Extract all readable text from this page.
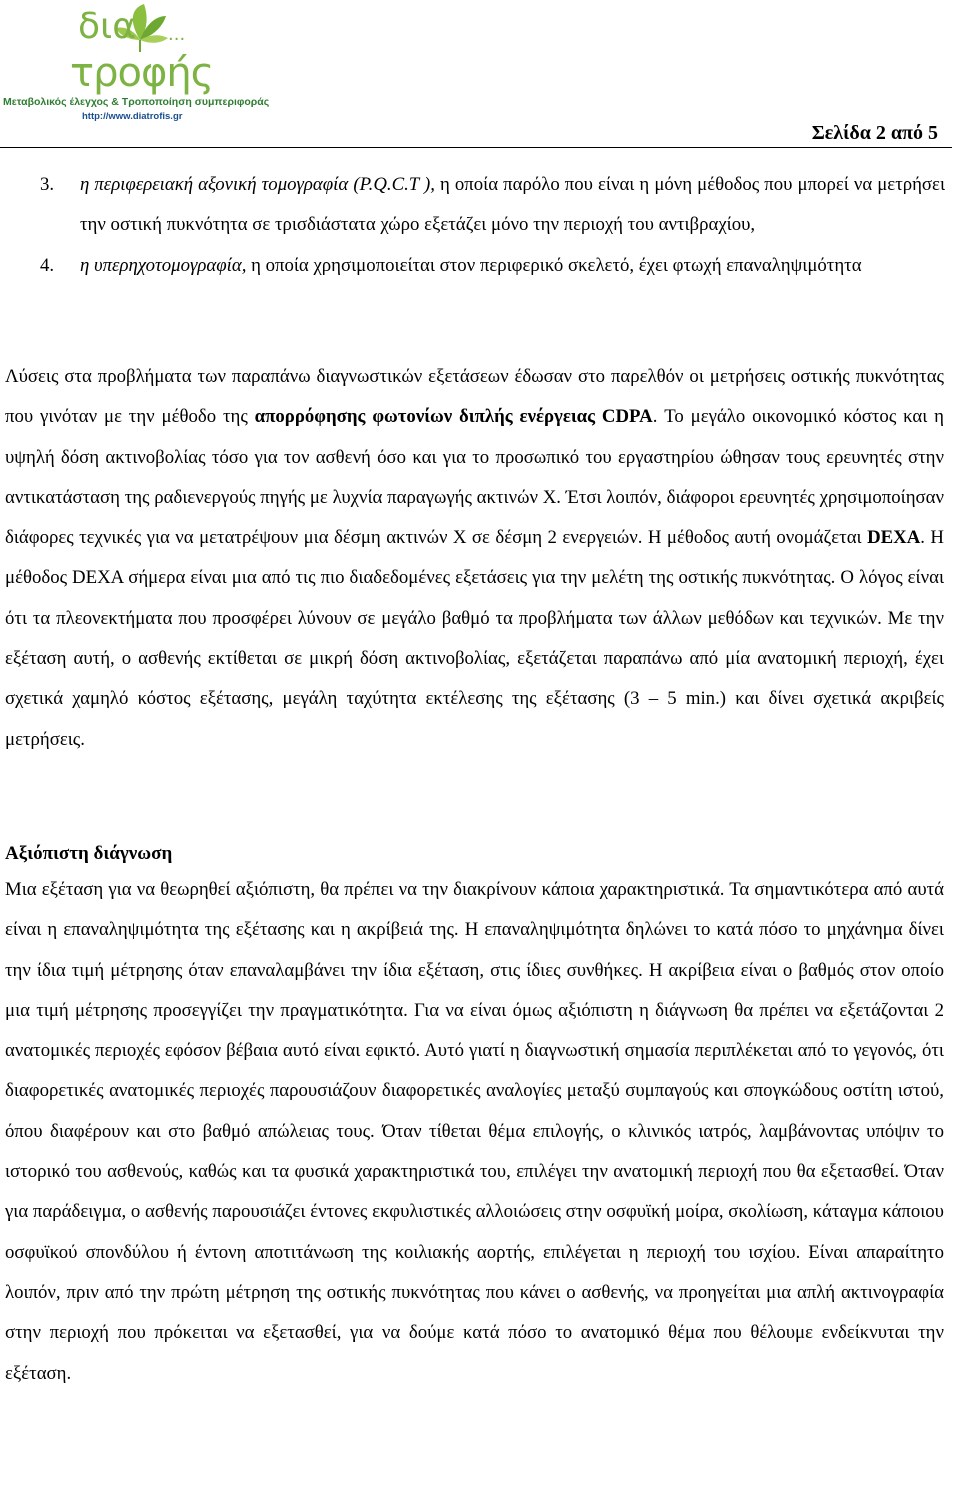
δια ...
τροφής
Μεταβολικός έλεγχος & Τροποποίηση συμπεριφοράς
http://www.diatrofis.gr
Σελίδα 2 από 5
3. η περιφερειακή αξονική τομογραφία (P.Q.C.T ), η οποία παρόλο που είναι η μόνη μέθοδος που μπορεί να μετρήσει την οστική πυκνότητα σε τρισδιάστατα χώρο εξετάζει μόνο την περιοχή του αντιβραχίου,
4. η υπερηχοτομογραφία, η οποία χρησιμοποιείται στον περιφερικό σκελετό, έχει φτωχή επαναληψιμότητα
Λύσεις στα προβλήματα των παραπάνω διαγνωστικών εξετάσεων έδωσαν στο παρελθόν οι μετρήσεις οστικής πυκνότητας που γινόταν με την μέθοδο της απορρόφησης φωτονίων διπλής ενέργειας CDPA. Το μεγάλο οικονομικό κόστος και η υψηλή δόση ακτινοβολίας τόσο για τον ασθενή όσο και για το προσωπικό του εργαστηρίου ώθησαν τους ερευνητές στην αντικατάσταση της ραδιενεργούς πηγής με λυχνία παραγωγής ακτινών X. Έτσι λοιπόν, διάφοροι ερευνητές χρησιμοποίησαν διάφορες τεχνικές για να μετατρέψουν μια δέσμη ακτινών X σε δέσμη 2 ενεργειών. Η μέθοδος αυτή ονομάζεται DEXA. Η μέθοδος DEXA σήμερα είναι μια από τις πιο διαδεδομένες εξετάσεις για την μελέτη της οστικής πυκνότητας. Ο λόγος είναι ότι τα πλεονεκτήματα που προσφέρει λύνουν σε μεγάλο βαθμό τα προβλήματα των άλλων μεθόδων και τεχνικών. Με την εξέταση αυτή, ο ασθενής εκτίθεται σε μικρή δόση ακτινοβολίας, εξετάζεται παραπάνω από μία ανατομική περιοχή, έχει σχετικά χαμηλό κόστος εξέτασης, μεγάλη ταχύτητα εκτέλεσης της εξέτασης (3 – 5 min.) και δίνει σχετικά ακριβείς μετρήσεις.
Αξιόπιστη διάγνωση
Μια εξέταση για να θεωρηθεί αξιόπιστη, θα πρέπει να την διακρίνουν κάποια χαρακτηριστικά. Τα σημαντικότερα από αυτά είναι η επαναληψιμότητα της εξέτασης και η ακρίβειά της. Η επαναληψιμότητα δηλώνει το κατά πόσο το μηχάνημα δίνει την ίδια τιμή μέτρησης όταν επαναλαμβάνει την ίδια εξέταση, στις ίδιες συνθήκες. Η ακρίβεια είναι ο βαθμός στον οποίο μια τιμή μέτρησης προσεγγίζει την πραγματικότητα. Για να είναι όμως αξιόπιστη η διάγνωση θα πρέπει να εξετάζονται 2 ανατομικές περιοχές εφόσον βέβαια αυτό είναι εφικτό. Αυτό γιατί η διαγνωστική σημασία περιπλέκεται από το γεγονός, ότι διαφορετικές ανατομικές περιοχές παρουσιάζουν διαφορετικές αναλογίες μεταξύ συμπαγούς και σπογκώδους οστίτη ιστού, όπου διαφέρουν και στο βαθμό απώλειας τους. Όταν τίθεται θέμα επιλογής, ο κλινικός ιατρός, λαμβάνοντας υπόψιν το ιστορικό του ασθενούς, καθώς και τα φυσικά χαρακτηριστικά του, επιλέγει την ανατομική περιοχή που θα εξετασθεί. Όταν για παράδειγμα, ο ασθενής παρουσιάζει έντονες εκφυλιστικές αλλοιώσεις στην οσφυϊκή μοίρα, σκολίωση, κάταγμα κάποιου οσφυϊκού σπονδύλου ή έντονη αποτιτάνωση της κοιλιακής αορτής, επιλέγεται η περιοχή του ισχίου. Είναι απαραίτητο λοιπόν, πριν από την πρώτη μέτρηση της οστικής πυκνότητας που κάνει ο ασθενής, να προηγείται μια απλή ακτινογραφία στην περιοχή που πρόκειται να εξετασθεί, για να δούμε κατά πόσο το ανατομικό θέμα που θέλουμε ενδείκνυται την εξέταση.
